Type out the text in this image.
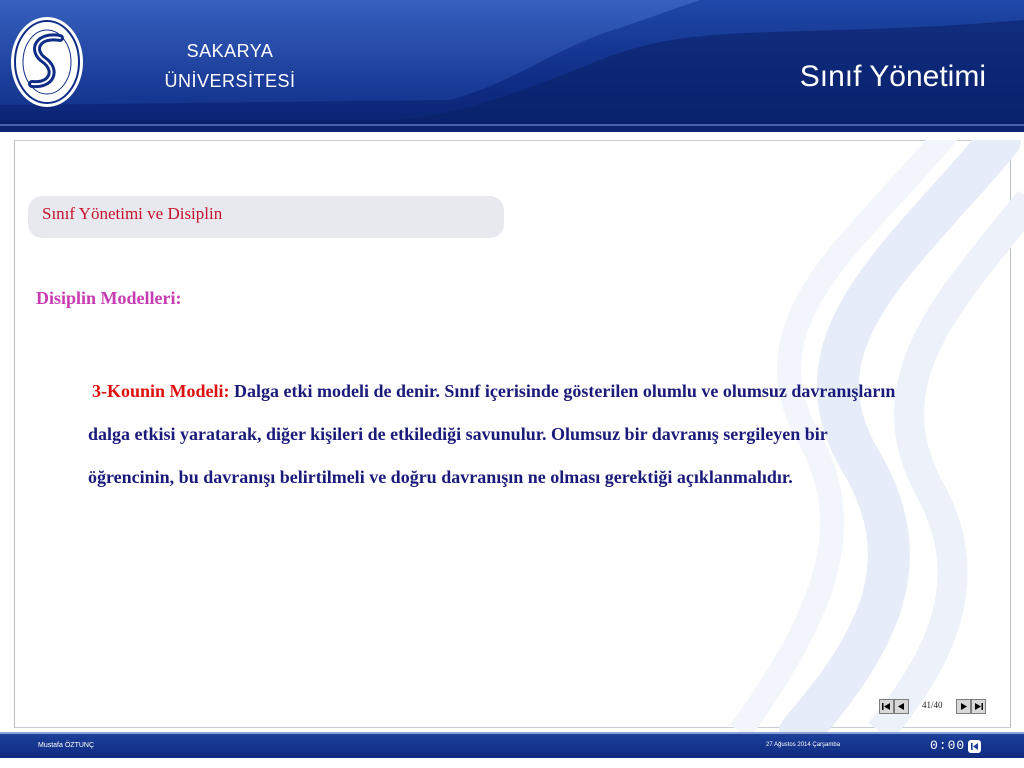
SAKARYA
ÜNİVERSİTESİ	Sınıf Yönetimi
Sınıf Yönetimi ve Disiplin
Disiplin Modelleri:
3-Kounin Modeli: Dalga etki modeli de denir. Sınıf içerisinde gösterilen olumlu ve olumsuz davranışların
dalga etkisi yaratarak, diğer kişileri de etkilediği savunulur. Olumsuz bir davranış sergileyen bir
öğrencinin, bu davranışı belirtilmeli ve doğru davranışın ne olması gerektiği açıklanmalıdır.
41/40
Mustafa ÖZTUNÇ	27 Ağustos 2014 Çarşamba	0:00
